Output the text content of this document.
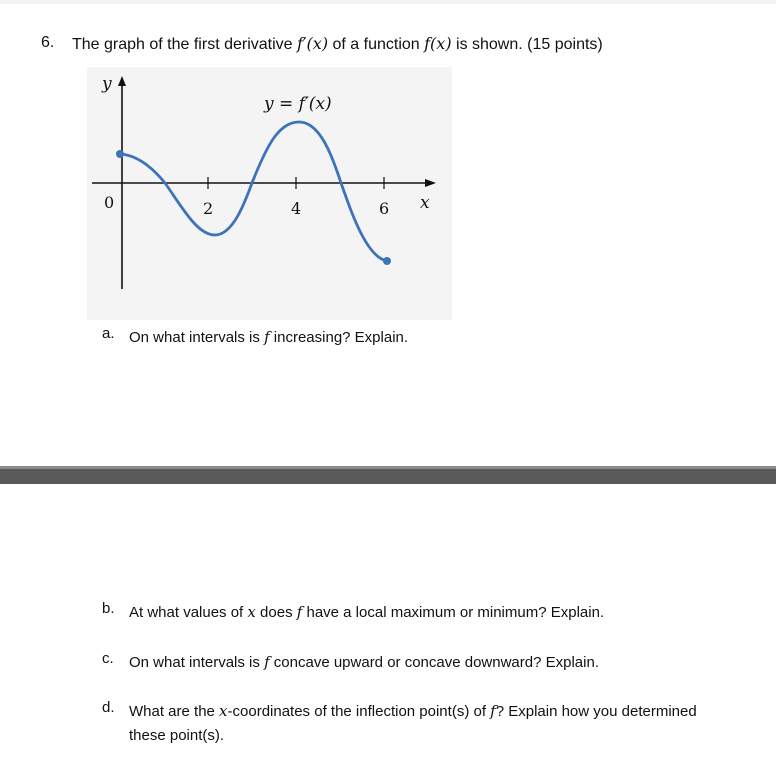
6. The graph of the first derivative f′(x) of a function f(x) is shown. (15 points)
y = f′(x)
y
x
0	2	4	6
a. On what intervals is f increasing? Explain.
b. At what values of x does f have a local maximum or minimum? Explain.
c. On what intervals is f concave upward or concave downward? Explain.
d. What are the x-coordinates of the inflection point(s) of f? Explain how you determined
these point(s).
